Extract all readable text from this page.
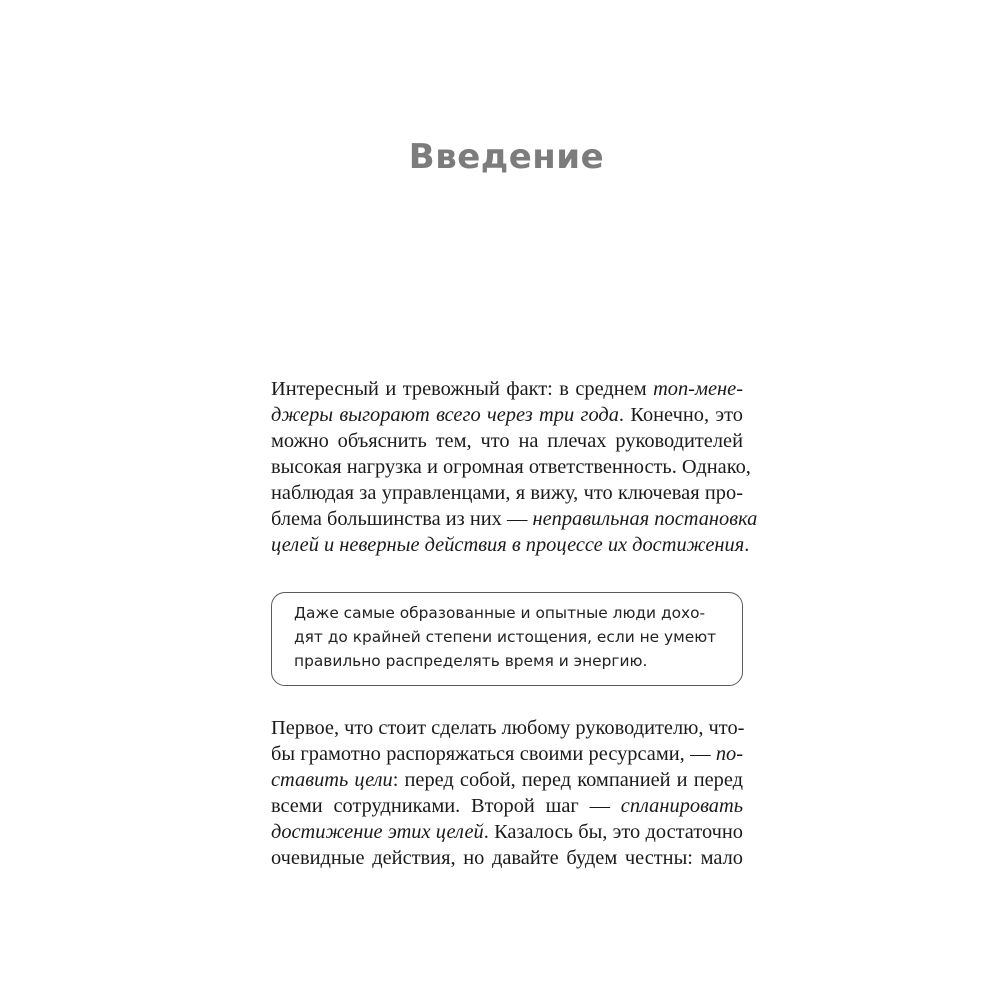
Введение

Интересный и тревожный факт: в среднем топ-мене-
джеры выгорают всего через три года. Конечно, это
можно объяснить тем, что на плечах руководителей
высокая нагрузка и огромная ответственность. Однако,
наблюдая за управленцами, я вижу, что ключевая про-
блема большинства из них — неправильная постановка
целей и неверные действия в процессе их достижения.

Даже самые образованные и опытные люди дохо-
дят до крайней степени истощения, если не умеют
правильно распределять время и энергию.

Первое, что стоит сделать любому руководителю, что-
бы грамотно распоряжаться своими ресурсами, — по-
ставить цели: перед собой, перед компанией и перед
всеми сотрудниками. Второй шаг — спланировать
достижение этих целей. Казалось бы, это достаточно
очевидные действия, но давайте будем честны: мало
